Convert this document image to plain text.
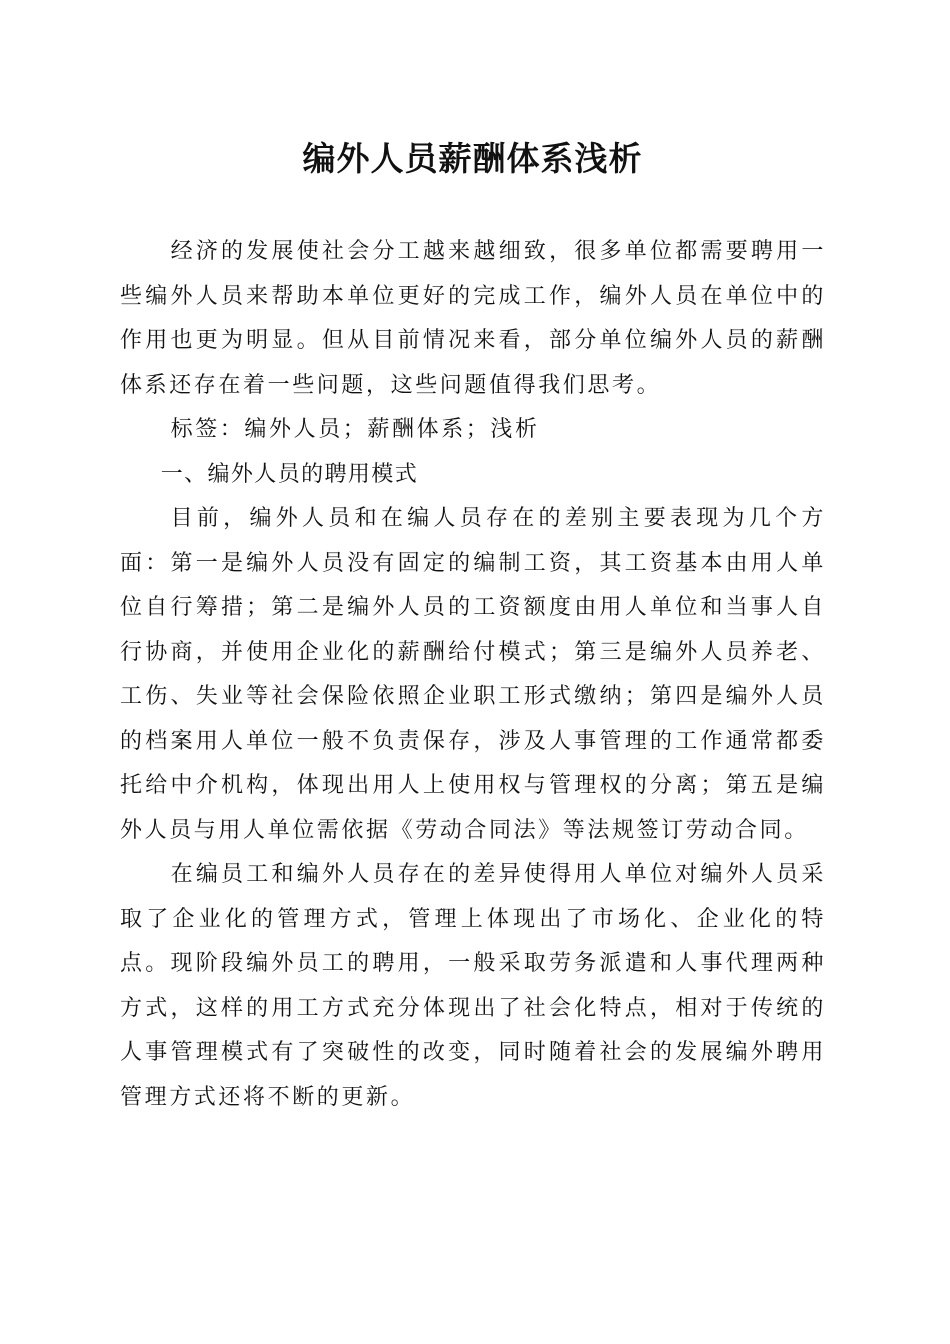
编外人员薪酬体系浅析

经济的发展使社会分工越来越细致，很多单位都需要聘用一些编外人员来帮助本单位更好的完成工作，编外人员在单位中的作用也更为明显。但从目前情况来看，部分单位编外人员的薪酬体系还存在着一些问题，这些问题值得我们思考。

标签：编外人员；薪酬体系；浅析

一、编外人员的聘用模式

目前，编外人员和在编人员存在的差别主要表现为几个方面：第一是编外人员没有固定的编制工资，其工资基本由用人单位自行筹措；第二是编外人员的工资额度由用人单位和当事人自行协商，并使用企业化的薪酬给付模式；第三是编外人员养老、工伤、失业等社会保险依照企业职工形式缴纳；第四是编外人员的档案用人单位一般不负责保存，涉及人事管理的工作通常都委托给中介机构，体现出用人上使用权与管理权的分离；第五是编外人员与用人单位需依据《劳动合同法》等法规签订劳动合同。

在编员工和编外人员存在的差异使得用人单位对编外人员采取了企业化的管理方式，管理上体现出了市场化、企业化的特点。现阶段编外员工的聘用，一般采取劳务派遣和人事代理两种方式，这样的用工方式充分体现出了社会化特点，相对于传统的人事管理模式有了突破性的改变，同时随着社会的发展编外聘用管理方式还将不断的更新。
